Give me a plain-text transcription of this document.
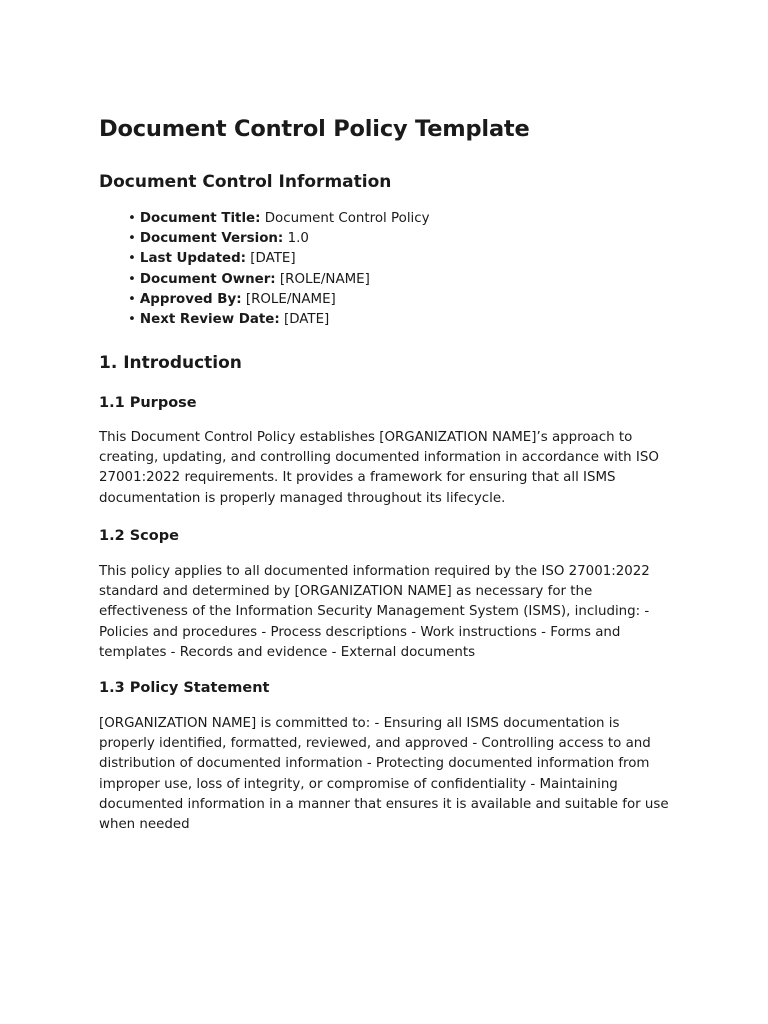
Document Control Policy Template
Document Control Information
• Document Title: Document Control Policy
• Document Version: 1.0
• Last Updated: [DATE]
• Document Owner: [ROLE/NAME]
• Approved By: [ROLE/NAME]
• Next Review Date: [DATE]
1. Introduction
1.1 Purpose

This Document Control Policy establishes [ORGANIZATION NAME]’s approach to
creating, updating, and controlling documented information in accordance with ISO
27001:2022 requirements. It provides a framework for ensuring that all ISMS
documentation is properly managed throughout its lifecycle.

1.2 Scope

This policy applies to all documented information required by the ISO 27001:2022
standard and determined by [ORGANIZATION NAME] as necessary for the
effectiveness of the Information Security Management System (ISMS), including: -
Policies and procedures - Process descriptions - Work instructions - Forms and
templates - Records and evidence - External documents

1.3 Policy Statement

[ORGANIZATION NAME] is committed to: - Ensuring all ISMS documentation is
properly identified, formatted, reviewed, and approved - Controlling access to and
distribution of documented information - Protecting documented information from
improper use, loss of integrity, or compromise of confidentiality - Maintaining
documented information in a manner that ensures it is available and suitable for use
when needed
